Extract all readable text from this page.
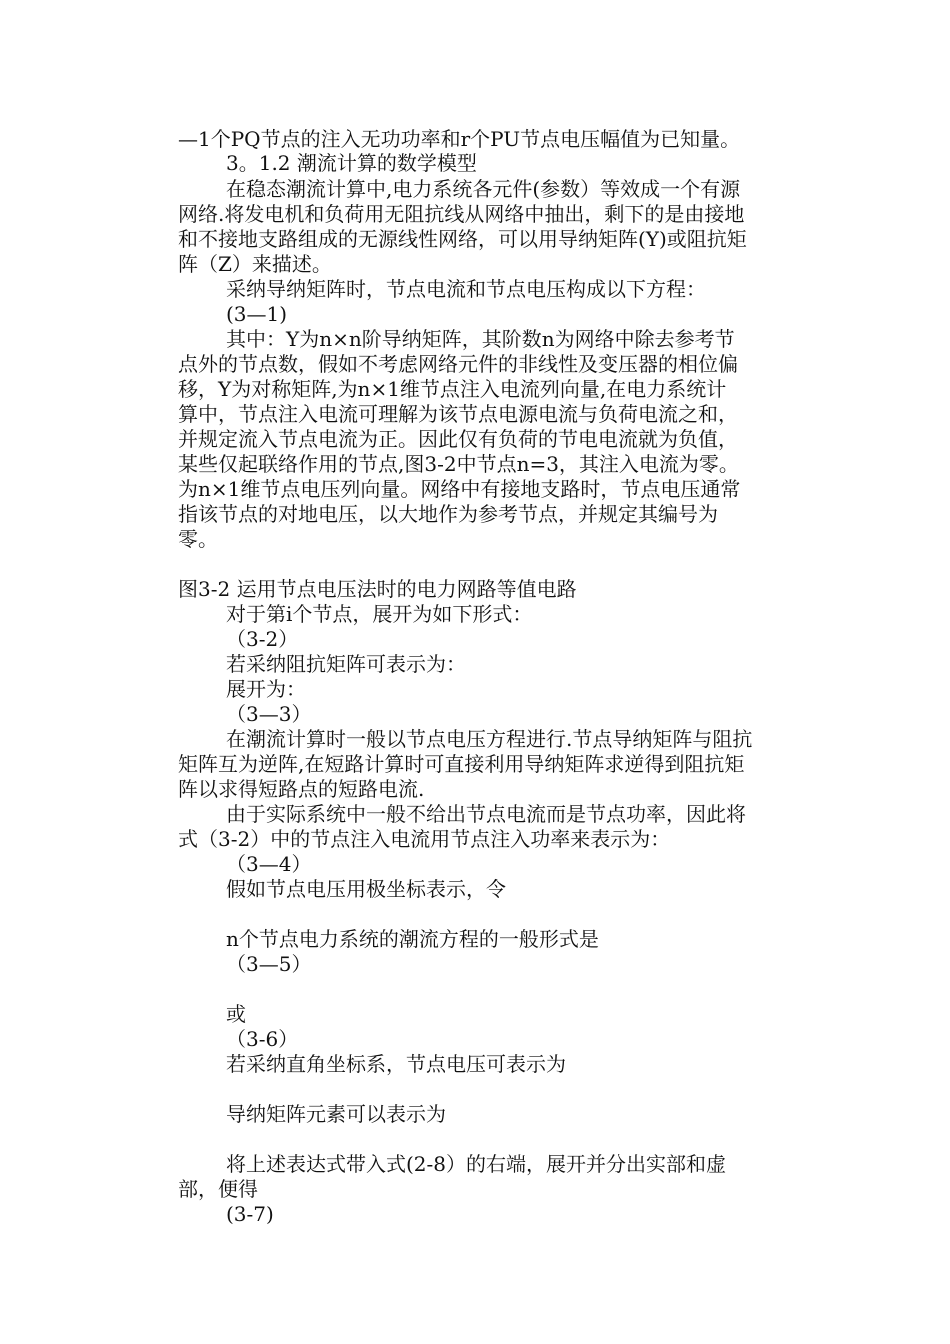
—1个PQ节点的注入无功功率和r个PU节点电压幅值为已知量。
3。1.2 潮流计算的数学模型
在稳态潮流计算中,电力系统各元件(参数）等效成一个有源
网络.将发电机和负荷用无阻抗线从网络中抽出，剩下的是由接地
和不接地支路组成的无源线性网络，可以用导纳矩阵(Y)或阻抗矩
阵（Z）来描述。
采纳导纳矩阵时，节点电流和节点电压构成以下方程：
(3—1)
其中：Y为n×n阶导纳矩阵，其阶数n为网络中除去参考节
点外的节点数，假如不考虑网络元件的非线性及变压器的相位偏
移，Y为对称矩阵,为n×1维节点注入电流列向量,在电力系统计
算中，节点注入电流可理解为该节点电源电流与负荷电流之和，
并规定流入节点电流为正。因此仅有负荷的节电电流就为负值，
某些仅起联络作用的节点,图3-2中节点n=3，其注入电流为零。
为n×1维节点电压列向量。网络中有接地支路时，节点电压通常
指该节点的对地电压，以大地作为参考节点，并规定其编号为
零。
图3-2 运用节点电压法时的电力网路等值电路
对于第i个节点，展开为如下形式：
（3-2）
若采纳阻抗矩阵可表示为：
展开为：
（3—3）
在潮流计算时一般以节点电压方程进行.节点导纳矩阵与阻抗
矩阵互为逆阵,在短路计算时可直接利用导纳矩阵求逆得到阻抗矩
阵以求得短路点的短路电流.
由于实际系统中一般不给出节点电流而是节点功率，因此将
式（3-2）中的节点注入电流用节点注入功率来表示为：
（3—4）
假如节点电压用极坐标表示，令
n个节点电力系统的潮流方程的一般形式是
（3—5）
或
（3-6）
若采纳直角坐标系，节点电压可表示为
导纳矩阵元素可以表示为
将上述表达式带入式(2-8）的右端，展开并分出实部和虚
部，便得
(3-7)
